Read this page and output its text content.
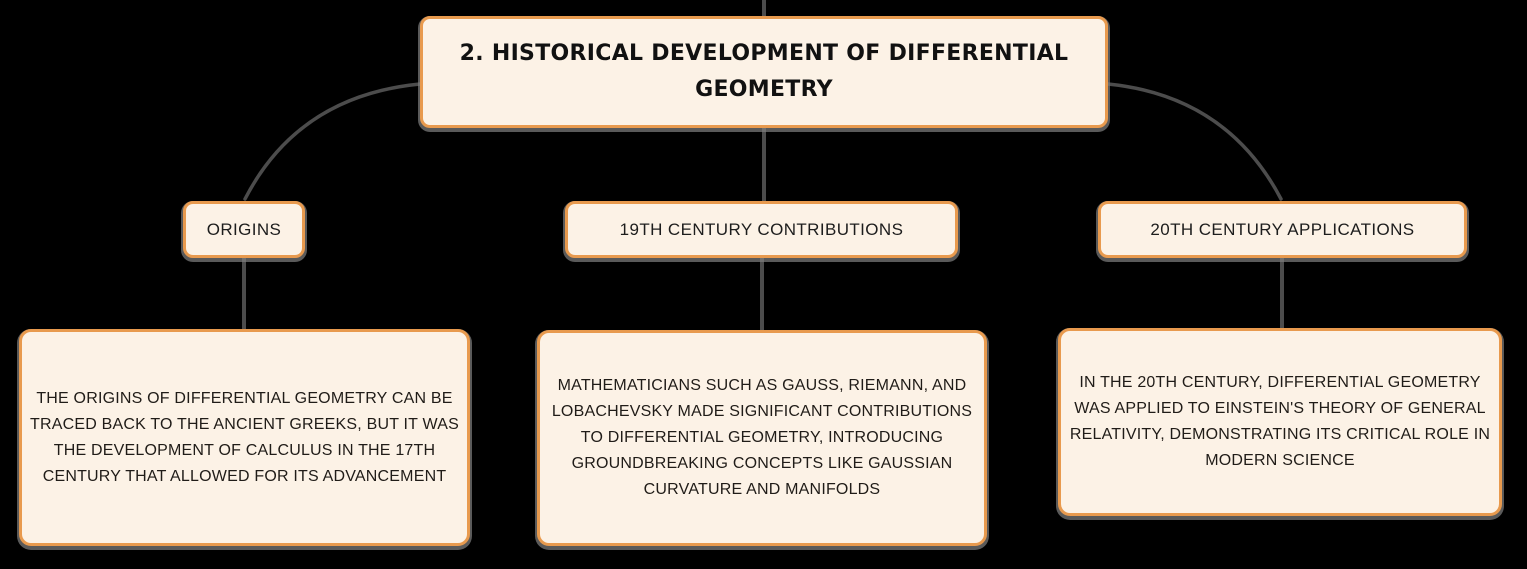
2. HISTORICAL DEVELOPMENT OF DIFFERENTIAL GEOMETRY
ORIGINS	19TH CENTURY CONTRIBUTIONS	20TH CENTURY APPLICATIONS
THE ORIGINS OF DIFFERENTIAL GEOMETRY CAN BE TRACED BACK TO THE ANCIENT GREEKS, BUT IT WAS THE DEVELOPMENT OF CALCULUS IN THE 17TH CENTURY THAT ALLOWED FOR ITS ADVANCEMENT
MATHEMATICIANS SUCH AS GAUSS, RIEMANN, AND LOBACHEVSKY MADE SIGNIFICANT CONTRIBUTIONS TO DIFFERENTIAL GEOMETRY, INTRODUCING GROUNDBREAKING CONCEPTS LIKE GAUSSIAN CURVATURE AND MANIFOLDS
IN THE 20TH CENTURY, DIFFERENTIAL GEOMETRY WAS APPLIED TO EINSTEIN'S THEORY OF GENERAL RELATIVITY, DEMONSTRATING ITS CRITICAL ROLE IN MODERN SCIENCE
